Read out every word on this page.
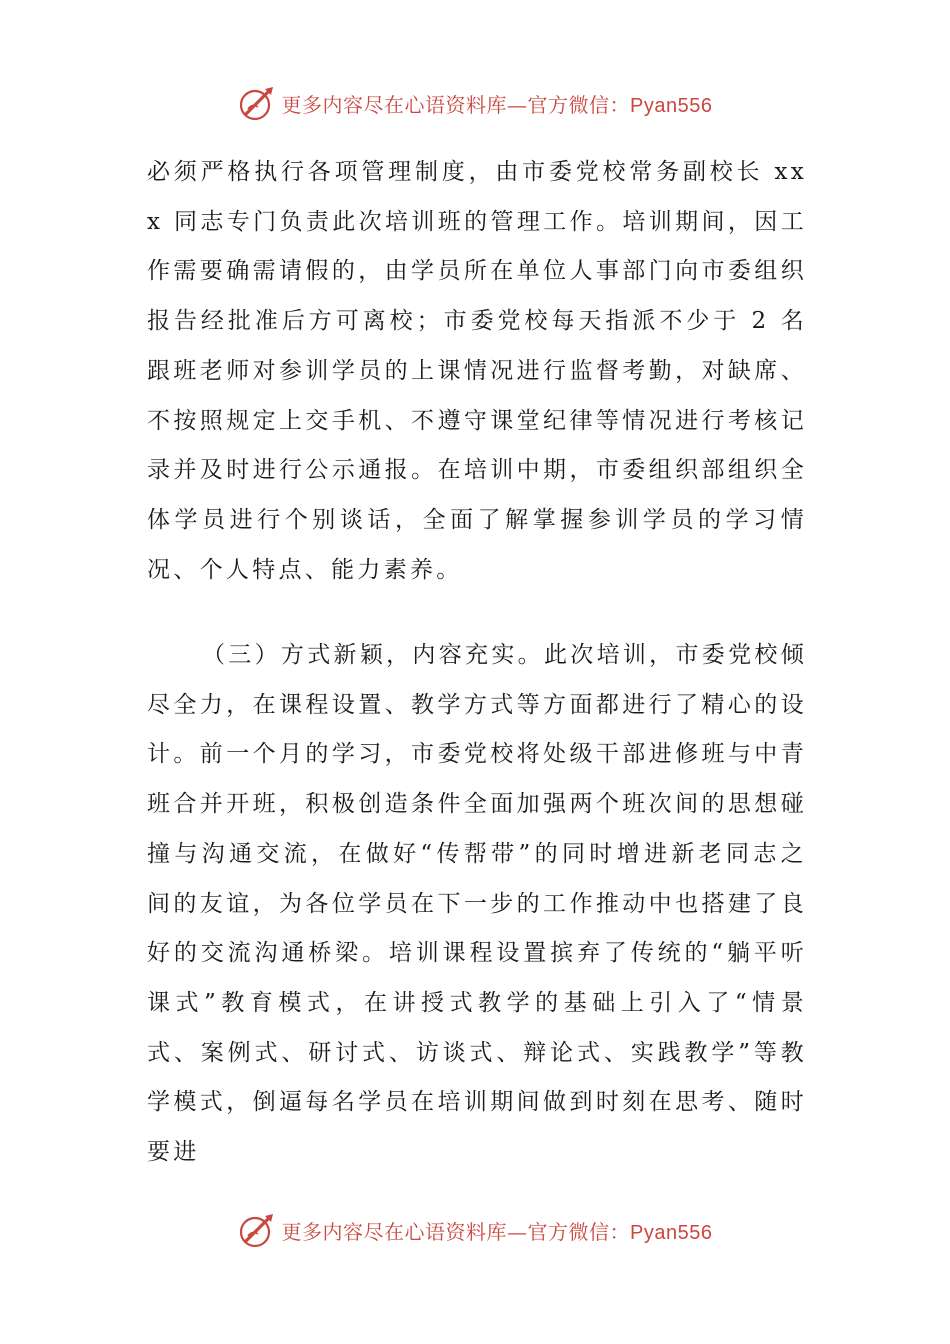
更多内容尽在心语资料库—官方微信：Pyan556

必须严格执行各项管理制度，由市委党校常务副校长 xxx 同志专门负责此次培训班的管理工作。培训期间，因工作需要确需请假的，由学员所在单位人事部门向市委组织报告经批准后方可离校；市委党校每天指派不少于 2 名跟班老师对参训学员的上课情况进行监督考勤，对缺席、不按照规定上交手机、不遵守课堂纪律等情况进行考核记录并及时进行公示通报。在培训中期，市委组织部组织全体学员进行个别谈话，全面了解掌握参训学员的学习情况、个人特点、能力素养。

（三）方式新颖，内容充实。此次培训，市委党校倾尽全力，在课程设置、教学方式等方面都进行了精心的设计。前一个月的学习，市委党校将处级干部进修班与中青班合并开班，积极创造条件全面加强两个班次间的思想碰撞与沟通交流，在做好“传帮带”的同时增进新老同志之间的友谊，为各位学员在下一步的工作推动中也搭建了良好的交流沟通桥梁。培训课程设置摈弃了传统的“躺平听课式”教育模式，在讲授式教学的基础上引入了“情景式、案例式、研讨式、访谈式、辩论式、实践教学”等教学模式，倒逼每名学员在培训期间做到时刻在思考、随时要进

更多内容尽在心语资料库—官方微信：Pyan556
